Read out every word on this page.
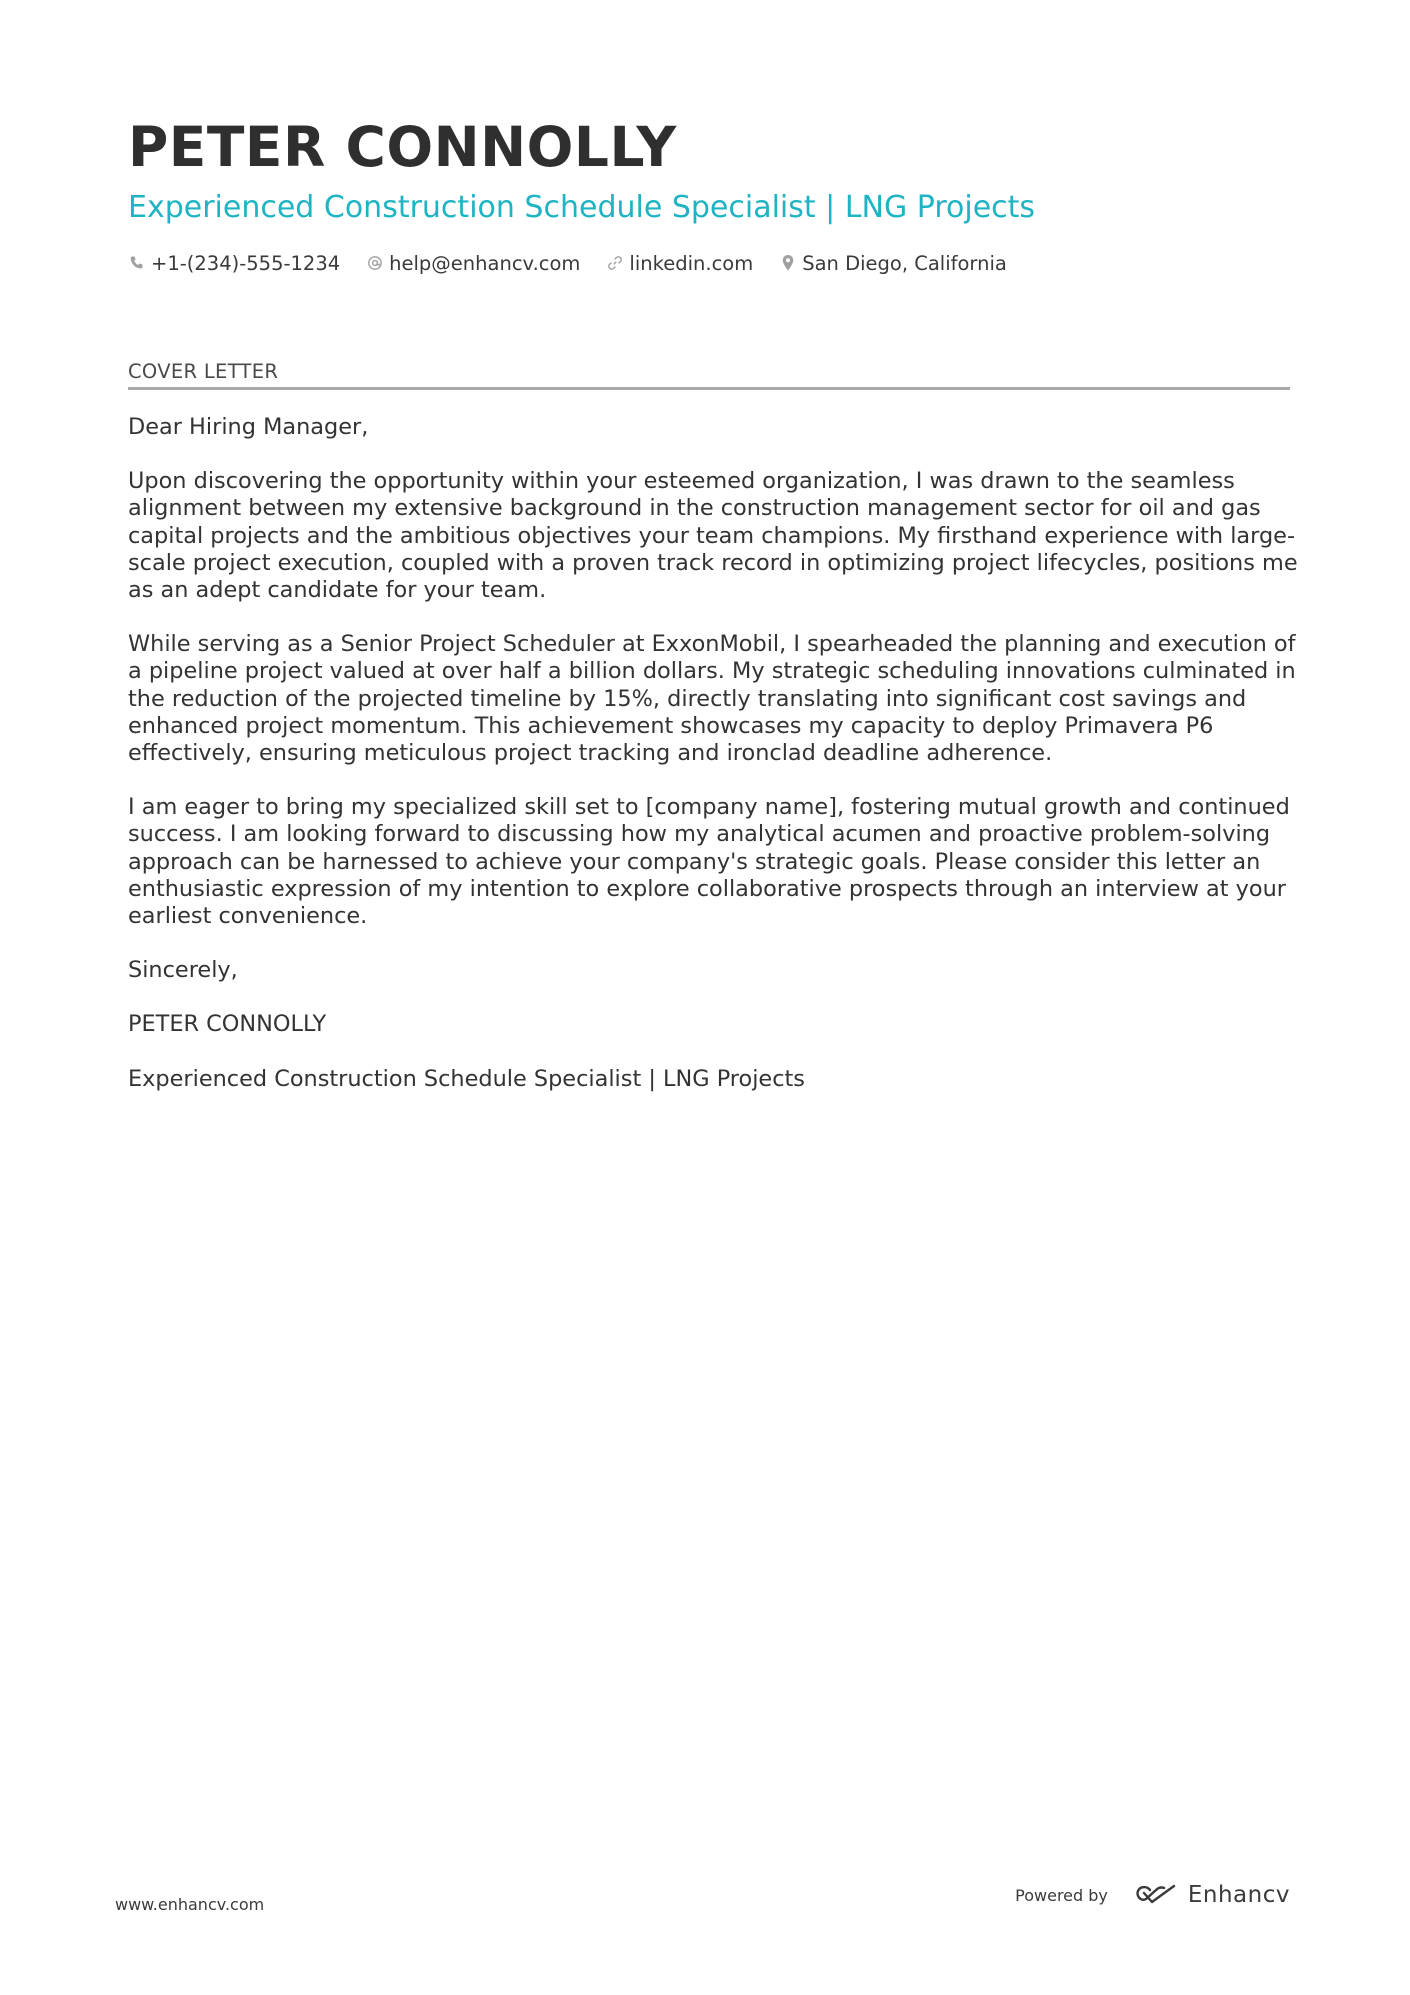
PETER CONNOLLY
Experienced Construction Schedule Specialist | LNG Projects
+1-(234)-555-1234	help@enhancv.com	linkedin.com	San Diego, California
COVER LETTER

Dear Hiring Manager,

Upon discovering the opportunity within your esteemed organization, I was drawn to the seamless alignment between my extensive background in the construction management sector for oil and gas capital projects and the ambitious objectives your team champions. My firsthand experience with large-scale project execution, coupled with a proven track record in optimizing project lifecycles, positions me as an adept candidate for your team.

While serving as a Senior Project Scheduler at ExxonMobil, I spearheaded the planning and execution of a pipeline project valued at over half a billion dollars. My strategic scheduling innovations culminated in the reduction of the projected timeline by 15%, directly translating into significant cost savings and enhanced project momentum. This achievement showcases my capacity to deploy Primavera P6 effectively, ensuring meticulous project tracking and ironclad deadline adherence.

I am eager to bring my specialized skill set to [company name], fostering mutual growth and continued success. I am looking forward to discussing how my analytical acumen and proactive problem-solving approach can be harnessed to achieve your company's strategic goals. Please consider this letter an enthusiastic expression of my intention to explore collaborative prospects through an interview at your earliest convenience.

Sincerely,

PETER CONNOLLY

Experienced Construction Schedule Specialist | LNG Projects

www.enhancv.com	Powered by	Enhancv
